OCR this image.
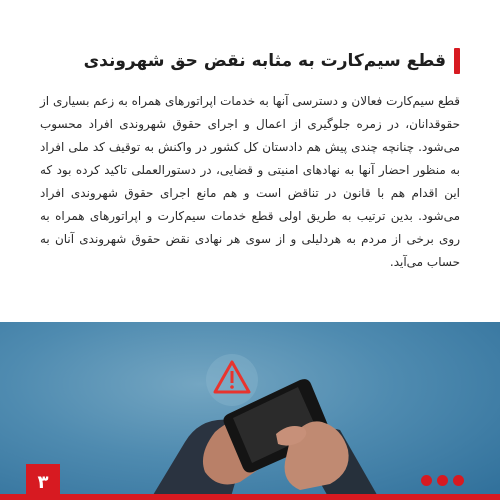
قطع سیم‌کارت به مثابه نقض حق شهروندی
قطع سیم‌کارت فعالان و دسترسی آنها به خدمات اپراتورهای همراه به زعم بسیاری از حقوقدانان، در زمره جلوگیری از اعمال و اجرای حقوق شهروندی افراد محسوب می‌شود. چنانچه چندی پیش هم دادستان کل کشور در واکنش به توقیف کد ملی افراد به منظور احضار آنها به نهادهای امنیتی و قضایی، در دستورالعملی تاکید کرده بود که این اقدام هم با قانون در تناقض است و هم مانع اجرای حقوق شهروندی افراد می‌شود. بدین ترتیب به طریق اولی قطع خدمات سیم‌کارت و اپراتورهای همراه به روی برخی از مردم به هردلیلی و از سوی هر نهادی نقض حقوق شهروندی آنان به حساب می‌آید.
۳
